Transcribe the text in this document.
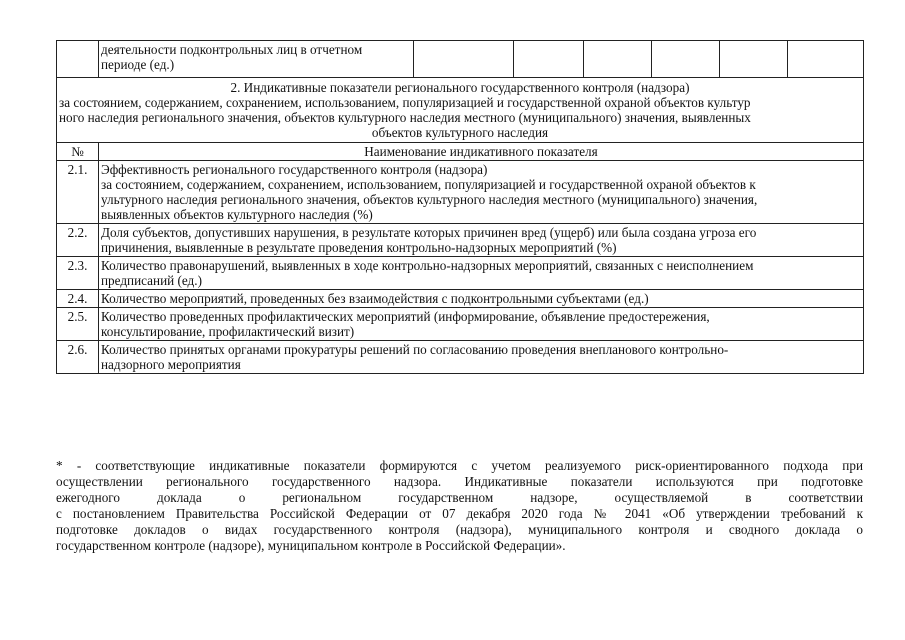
	деятельности подконтрольных лиц в отчетном
периоде (ед.)						

2. Индикативные показатели регионального государственного контроля (надзора)
за состоянием, содержанием, сохранением, использованием, популяризацией и государственной охраной объектов культур
ного наследия регионального значения, объектов культурного наследия местного (муниципального) значения, выявленных
объектов культурного наследия							

№	Наименование индикативного показателя						
2.1.	Эффективность регионального государственного контроля (надзора)
за состоянием, содержанием, сохранением, использованием, популяризацией и государственной охраной объектов к
ультурного наследия регионального значения, объектов культурного наследия местного (муниципального) значения,
выявленных объектов культурного наследия (%)						

2.2.	Доля субъектов, допустивших нарушения, в результате которых причинен вред (ущерб) или была создана угроза его
причинения, выявленные в результате проведения контрольно-надзорных мероприятий (%)						

2.3.	Количество правонарушений, выявленных в ходе контрольно-надзорных мероприятий, связанных с неисполнением
предписаний (ед.)						

2.4.	Количество мероприятий, проведенных без взаимодействия с подконтрольными субъектами (ед.)						

2.5.	Количество проведенных профилактических мероприятий (информирование, объявление предостережения,
консультирование, профилактический визит)						

2.6.	Количество принятых органами прокуратуры решений по согласованию проведения внепланового контрольно-
надзорного мероприятия						

* - соответствующие индикативные показатели формируются с учетом реализуемого риск-ориентированного подхода при

осуществлении регионального государственного надзора. Индикативные показатели используются при подготовке

ежегодного доклада о региональном государственном надзоре, осуществляемой в соответствии

с постановлением Правительства Российской Федерации от 07 декабря 2020 года № 2041 «Об утверждении требований к

подготовке докладов о видах государственного контроля (надзора), муниципального контроля и сводного доклада о

государственном контроле (надзоре), муниципальном контроле в Российской Федерации».
